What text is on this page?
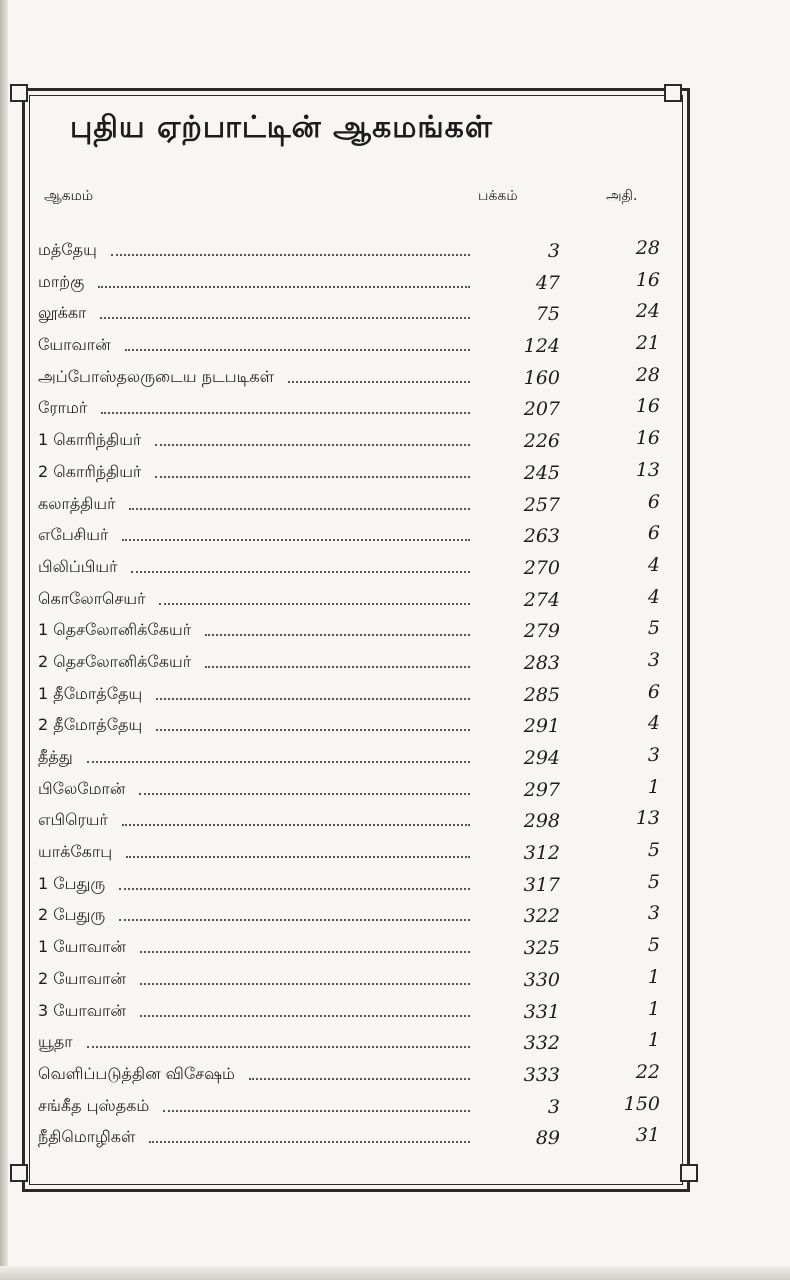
புதிய ஏற்பாட்டின் ஆகமங்கள்
ஆகமம்	பக்கம்	அதி.
மத்தேயு	3	28
மாற்கு	47	16
லூக்கா	75	24
யோவான்	124	21
அப்போஸ்தலருடைய நடபடிகள்	160	28
ரோமர்	207	16
1 கொரிந்தியர்	226	16
2 கொரிந்தியர்	245	13
கலாத்தியர்	257	6
எபேசியர்	263	6
பிலிப்பியர்	270	4
கொலோசெயர்	274	4
1 தெசலோனிக்கேயர்	279	5
2 தெசலோனிக்கேயர்	283	3
1 தீமோத்தேயு	285	6
2 தீமோத்தேயு	291	4
தீத்து	294	3
பிலேமோன்	297	1
எபிரெயர்	298	13
யாக்கோபு	312	5
1 பேதுரு	317	5
2 பேதுரு	322	3
1 யோவான்	325	5
2 யோவான்	330	1
3 யோவான்	331	1
யூதா	332	1
வெளிப்படுத்தின விசேஷம்	333	22
சங்கீத புஸ்தகம்	3	150
நீதிமொழிகள்	89	31
